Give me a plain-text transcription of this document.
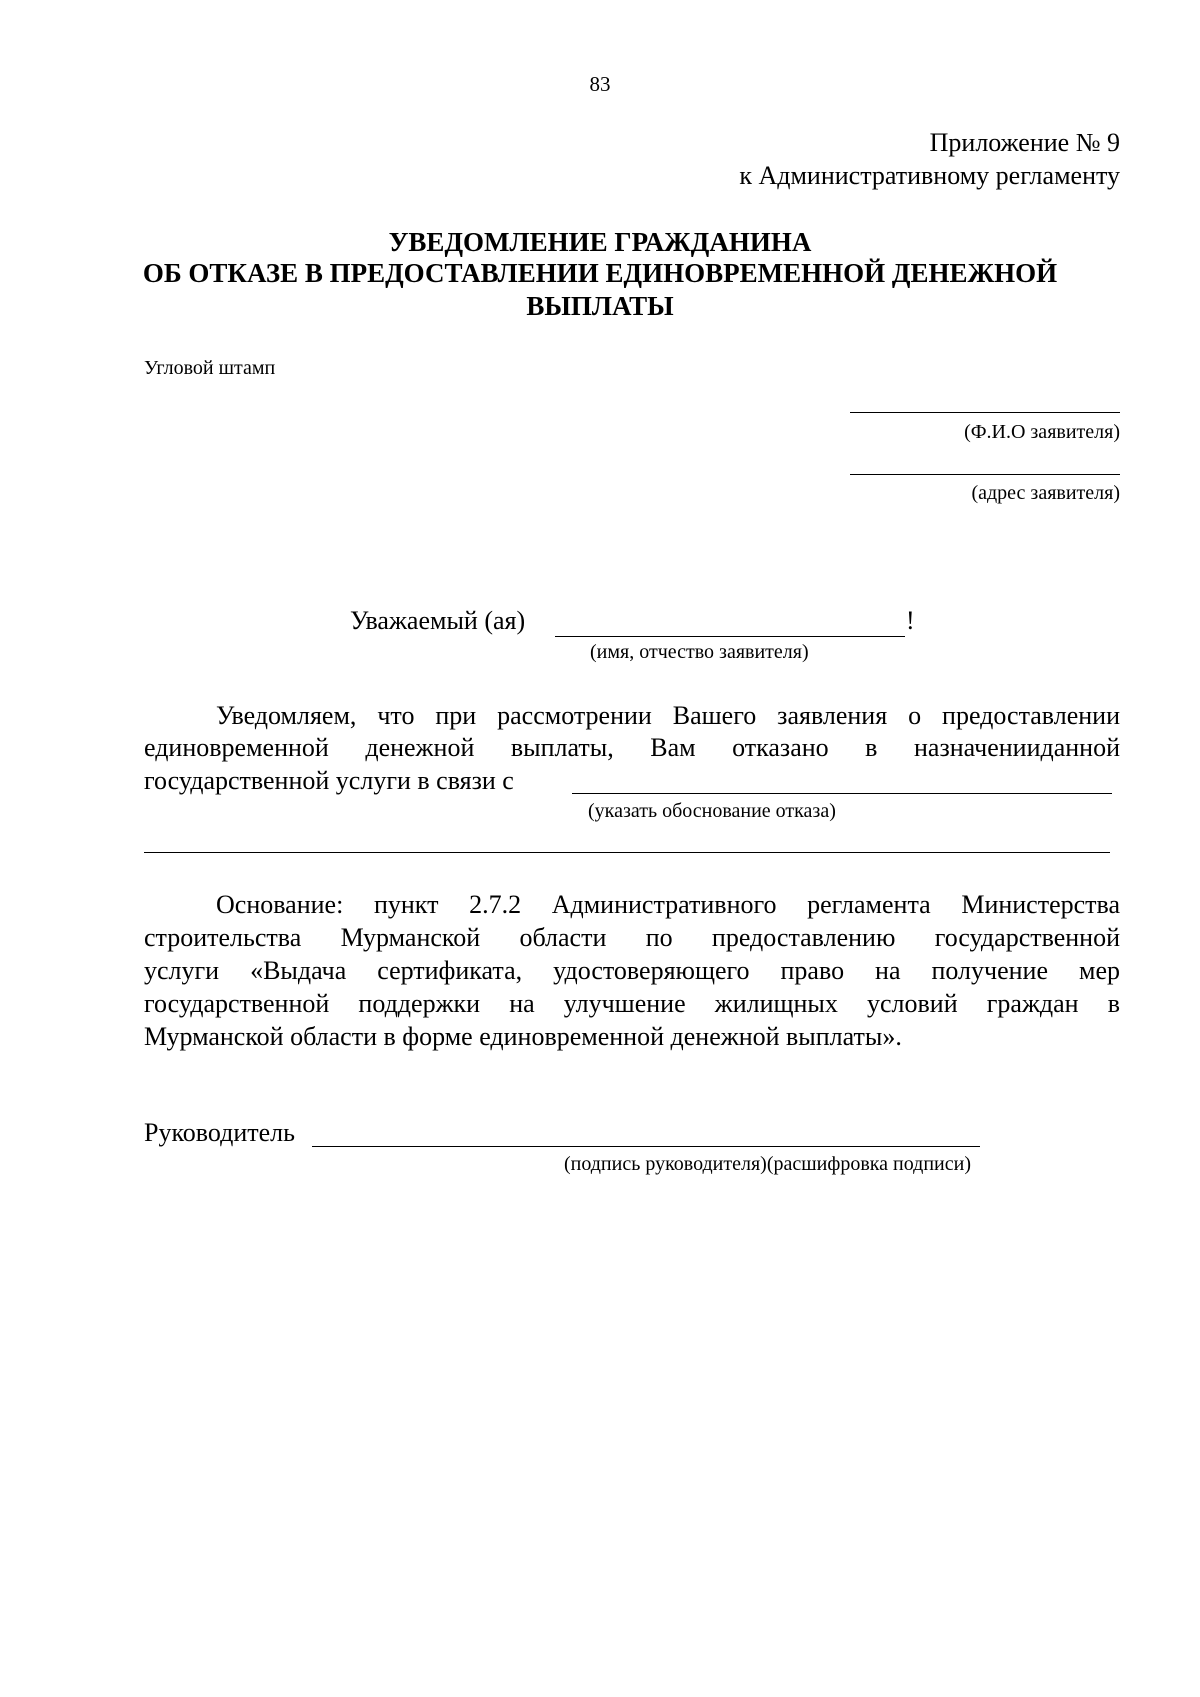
83
Приложение № 9
к Административному регламенту
УВЕДОМЛЕНИЕ ГРАЖДАНИНА
ОБ ОТКАЗЕ В ПРЕДОСТАВЛЕНИИ ЕДИНОВРЕМЕННОЙ ДЕНЕЖНОЙ
ВЫПЛАТЫ
Угловой штамп
(Ф.И.О заявителя)
(адрес заявителя)
Уважаемый (ая)	!
(имя, отчество заявителя)
Уведомляем, что при рассмотрении Вашего заявления о предоставлении
единовременной денежной выплаты, Вам отказано в назначенииданной
государственной услуги в связи с
(указать обоснование отказа)
Основание: пункт 2.7.2 Административного регламента Министерства
строительства Мурманской области по предоставлению государственной
услуги «Выдача сертификата, удостоверяющего право на получение мер
государственной поддержки на улучшение жилищных условий граждан в
Мурманской области в форме единовременной денежной выплаты».
Руководитель
(подпись руководителя)(расшифровка подписи)
